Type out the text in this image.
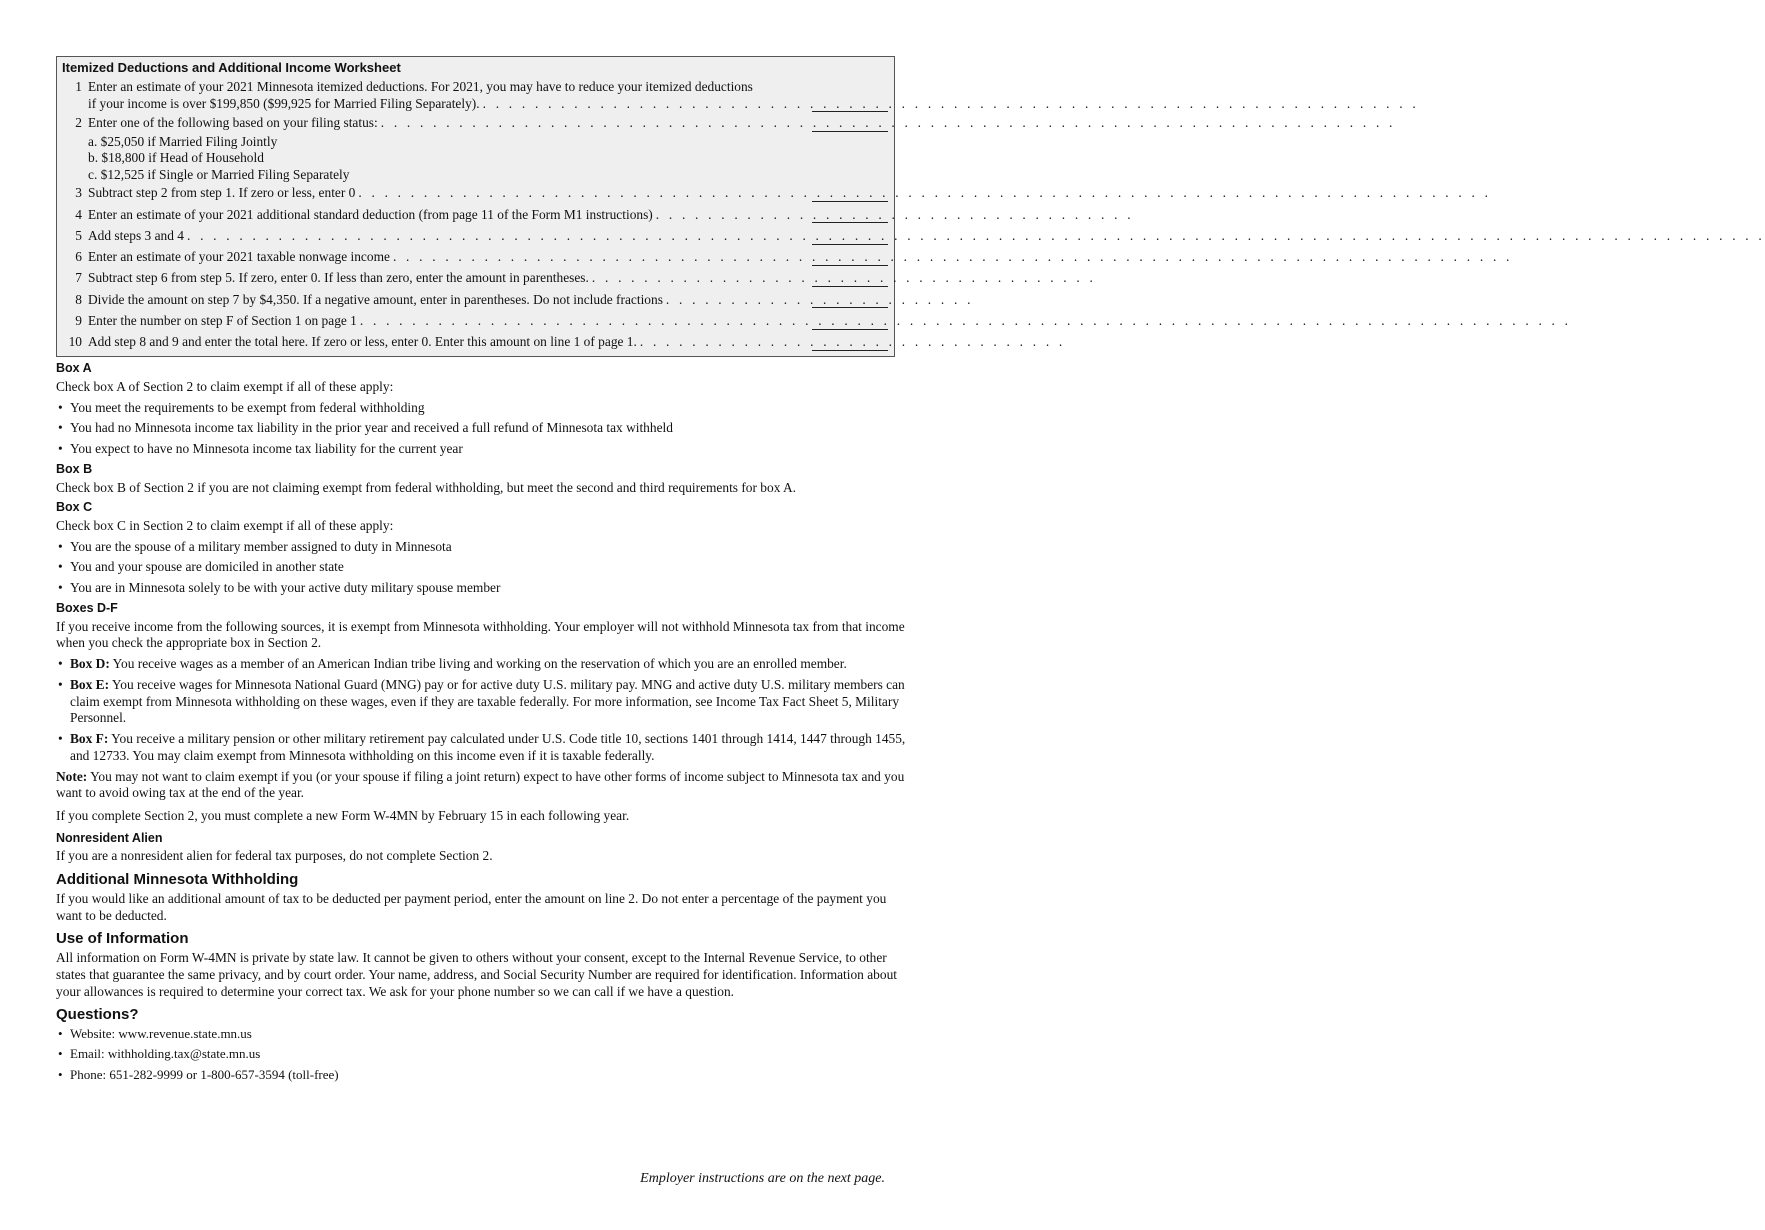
Itemized Deductions and Additional Income Worksheet
1 Enter an estimate of your 2021 Minnesota itemized deductions. For 2021, you may have to reduce your itemized deductions
if your income is over $199,850 ($99,925 for Married Filing Separately). . . . . . . . . . . . . . . . . . . . . . . . . . . . . . . . . . . . . . . . . . . . . . . . . . . . . . . . . . . . . . . . . . . . . . . . .
2 Enter one of the following based on your filing status: . . . . . . . . . . . . . . . . . . . . . . . . . . . . . . . . . . . . . . . . . . . . . . . . . . . . . . . . . . . . . . . . . . . . . . . . . . . . . .
a. $25,050 if Married Filing Jointly
b. $18,800 if Head of Household
c. $12,525 if Single or Married Filing Separately
3 Subtract step 2 from step 1. If zero or less, enter 0 . . . . . . . . . . . . . . . . . . . . . . . . . . . . . . . . . . . . . . . . . . . . . . . . . . . . . . . . . . . . . . . . . . . . . . . . . . . . . . . . . . . . . . .
4 Enter an estimate of your 2021 additional standard deduction (from page 11 of the Form M1 instructions) . . . . . . . . . . . . . . . . . . . . . . . . . . . . . . . . . . . . .
5 Add steps 3 and 4 . . . . . . . . . . . . . . . . . . . . . . . . . . . . . . . . . . . . . . . . . . . . . . . . . . . . . . . . . . . . . . . . . . . . . . . . . . . . . . . . . . . . . . . . . . . . . . . . . . . . . . . . . . . . . . . . . . . . . . . . .
6 Enter an estimate of your 2021 taxable nonwage income . . . . . . . . . . . . . . . . . . . . . . . . . . . . . . . . . . . . . . . . . . . . . . . . . . . . . . . . . . . . . . . . . . . . . . . . . . . . . . . . . . . . . .
7 Subtract step 6 from step 5. If zero, enter 0. If less than zero, enter the amount in parentheses. . . . . . . . . . . . . . . . . . . . . . . . . . . . . . . . . . . . . . . .
8 Divide the amount on step 7 by $4,350. If a negative amount, enter in parentheses. Do not include fractions . . . . . . . . . . . . . . . . . . . . . . . .
9 Enter the number on step F of Section 1 on page 1 . . . . . . . . . . . . . . . . . . . . . . . . . . . . . . . . . . . . . . . . . . . . . . . . . . . . . . . . . . . . . . . . . . . . . . . . . . . . . . . . . . . . . . . . . . . . .
10 Add step 8 and 9 and enter the total here. If zero or less, enter 0. Enter this amount on line 1 of page 1. . . . . . . . . . . . . . . . . . . . . . . . . . . . . . . . . .
Box A

Check box A of Section 2 to claim exempt if all of these apply:

• You meet the requirements to be exempt from federal withholding
• You had no Minnesota income tax liability in the prior year and received a full refund of Minnesota tax withheld
• You expect to have no Minnesota income tax liability for the current year
Box B

Check box B of Section 2 if you are not claiming exempt from federal withholding, but meet the second and third requirements for box A.

Box C

Check box C in Section 2 to claim exempt if all of these apply:

• You are the spouse of a military member assigned to duty in Minnesota
• You and your spouse are domiciled in another state
• You are in Minnesota solely to be with your active duty military spouse member
Boxes D-F

If you receive income from the following sources, it is exempt from Minnesota withholding. Your employer will not withhold Minnesota tax from that income when you check the appropriate box in Section 2.

• Box D: You receive wages as a member of an American Indian tribe living and working on the reservation of which you are an enrolled member.
• Box E: You receive wages for Minnesota National Guard (MNG) pay or for active duty U.S. military pay. MNG and active duty U.S. military members can claim exempt from Minnesota withholding on these wages, even if they are taxable federally. For more information, see Income Tax Fact Sheet 5, Military Personnel.
• Box F: You receive a military pension or other military retirement pay calculated under U.S. Code title 10, sections 1401 through 1414, 1447 through 1455, and 12733. You may claim exempt from Minnesota withholding on this income even if it is taxable federally.

Note: You may not want to claim exempt if you (or your spouse if filing a joint return) expect to have other forms of income subject to Minnesota tax and you want to avoid owing tax at the end of the year.

If you complete Section 2, you must complete a new Form W-4MN by February 15 in each following year.

Nonresident Alien

If you are a nonresident alien for federal tax purposes, do not complete Section 2.

Additional Minnesota Withholding

If you would like an additional amount of tax to be deducted per payment period, enter the amount on line 2. Do not enter a percentage of the payment you want to be deducted.

Use of Information

All information on Form W-4MN is private by state law. It cannot be given to others without your consent, except to the Internal Revenue Service, to other states that guarantee the same privacy, and by court order. Your name, address, and Social Security Number are required for identification. Information about your allowances is required to determine your correct tax. We ask for your phone number so we can call if we have a question.

Questions?
• Website: www.revenue.state.mn.us
• Email: withholding.tax@state.mn.us
• Phone: 651-282-9999 or 1-800-657-3594 (toll-free)
Employer instructions are on the next page.
